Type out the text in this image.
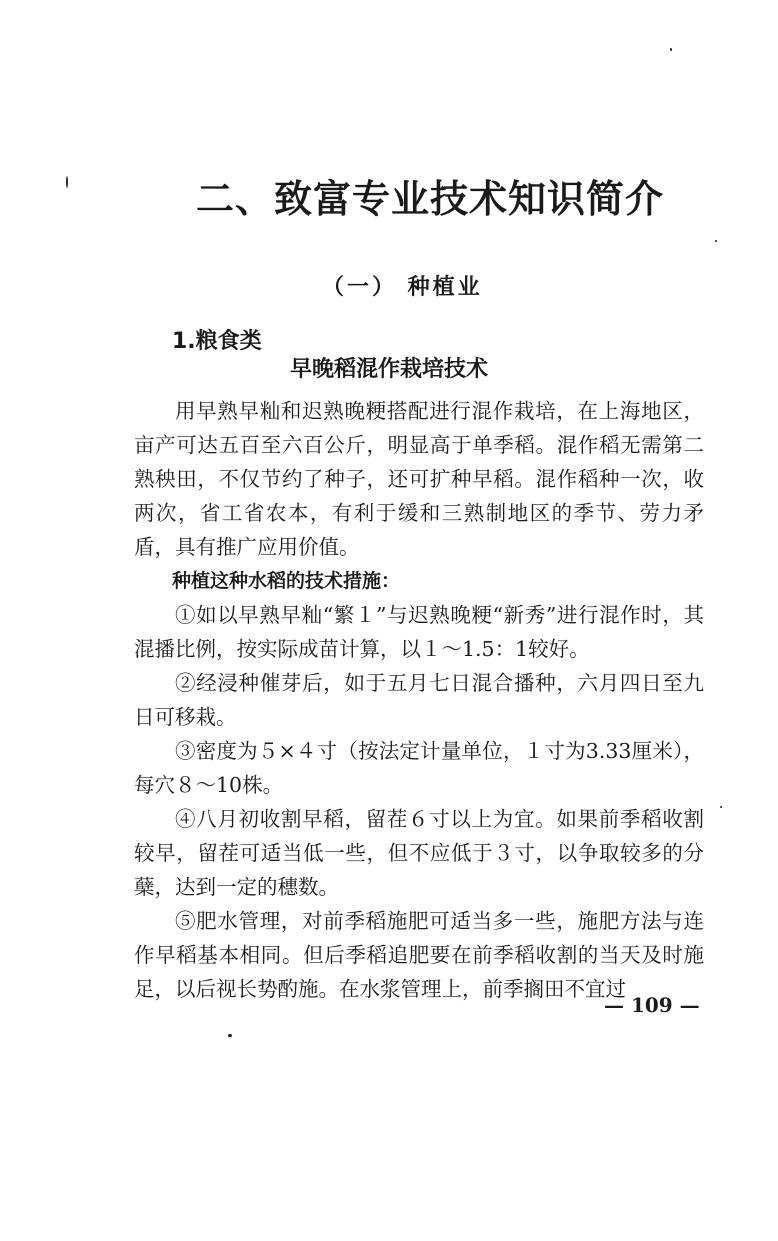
二、致富专业技术知识简介
（一） 种植业
1.粮食类
早晚稻混作栽培技术

用早熟早籼和迟熟晚粳搭配进行混作栽培，在上海地区，亩产可达五百至六百公斤，明显高于单季稻。混作稻无需第二熟秧田，不仅节约了种子，还可扩种早稻。混作稻种一次，收两次，省工省农本，有利于缓和三熟制地区的季节、劳力矛盾，具有推广应用价值。

种植这种水稻的技术措施：

①如以早熟早籼“繁１”与迟熟晚粳“新秀”进行混作时，其混播比例，按实际成苗计算，以１～1.5：1较好。

②经浸种催芽后，如于五月七日混合播种，六月四日至九日可移栽。

③密度为５×４寸（按法定计量单位，１寸为3.33厘米），每穴８～10株。

④八月初收割早稻，留茬６寸以上为宜。如果前季稻收割较早，留茬可适当低一些，但不应低于３寸，以争取较多的分蘖，达到一定的穗数。

⑤肥水管理，对前季稻施肥可适当多一些，施肥方法与连作早稻基本相同。但后季稻追肥要在前季稻收割的当天及时施足，以后视长势酌施。在水浆管理上，前季搁田不宜过

— 109 —
